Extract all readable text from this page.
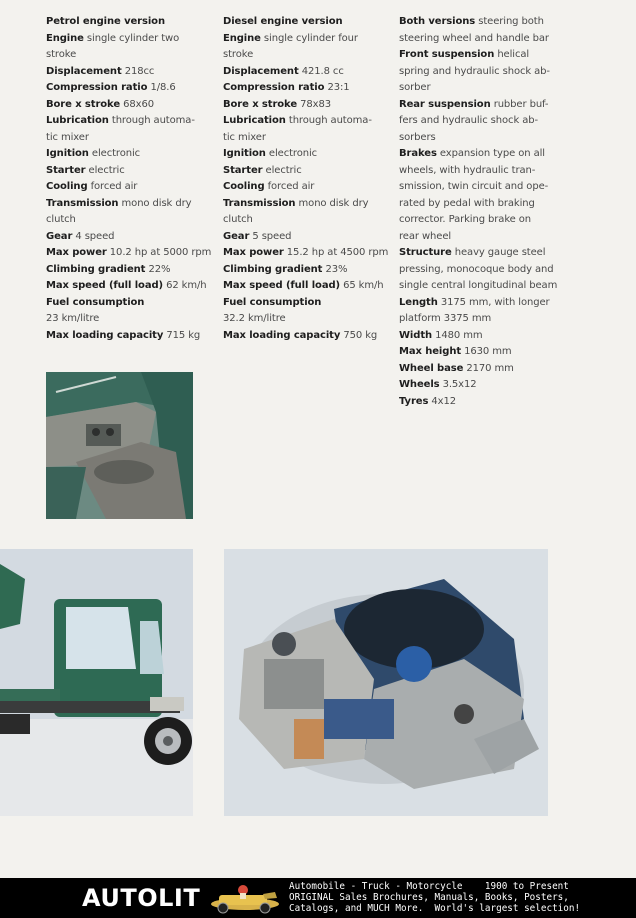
Petrol engine version
Engine single cylinder two
stroke
Displacement 218cc
Compression ratio 1/8.6
Bore x stroke 68x60
Lubrication through automa-
tic mixer
Ignition electronic
Starter electric
Cooling forced air
Transmission mono disk dry
clutch
Gear 4 speed
Max power 10.2 hp at 5000 rpm
Climbing gradient 22%
Max speed (full load) 62 km/h
Fuel consumption
23 km/litre
Max loading capacity 715 kg
Diesel engine version
Engine single cylinder four
stroke
Displacement 421.8 cc
Compression ratio 23:1
Bore x stroke 78x83
Lubrication through automa-
tic mixer
Ignition electronic
Starter electric
Cooling forced air
Transmission mono disk dry
clutch
Gear 5 speed
Max power 15.2 hp at 4500 rpm
Climbing gradient 23%
Max speed (full load) 65 km/h
Fuel consumption
32.2 km/litre
Max loading capacity 750 kg
Both versions steering both
steering wheel and handle bar
Front suspension helical
spring and hydraulic shock ab-
sorber
Rear suspension rubber buf-
fers and hydraulic shock ab-
sorbers
Brakes expansion type on all
wheels, with hydraulic tran-
smission, twin circuit and ope-
rated by pedal with braking
corrector. Parking brake on
rear wheel
Structure heavy gauge steel
pressing, monocoque body and
single central longitudinal beam
Length 3175 mm, with longer
platform 3375 mm
Width 1480 mm
Max height 1630 mm
Wheel base 2170 mm
Wheels 3.5x12
Tyres 4x12
AUTOLIT	Automobile - Truck - Motorcycle    1900 to Present
ORIGINAL Sales Brochures, Manuals, Books, Posters,
Catalogs, and MUCH More.  World's largest selection!
